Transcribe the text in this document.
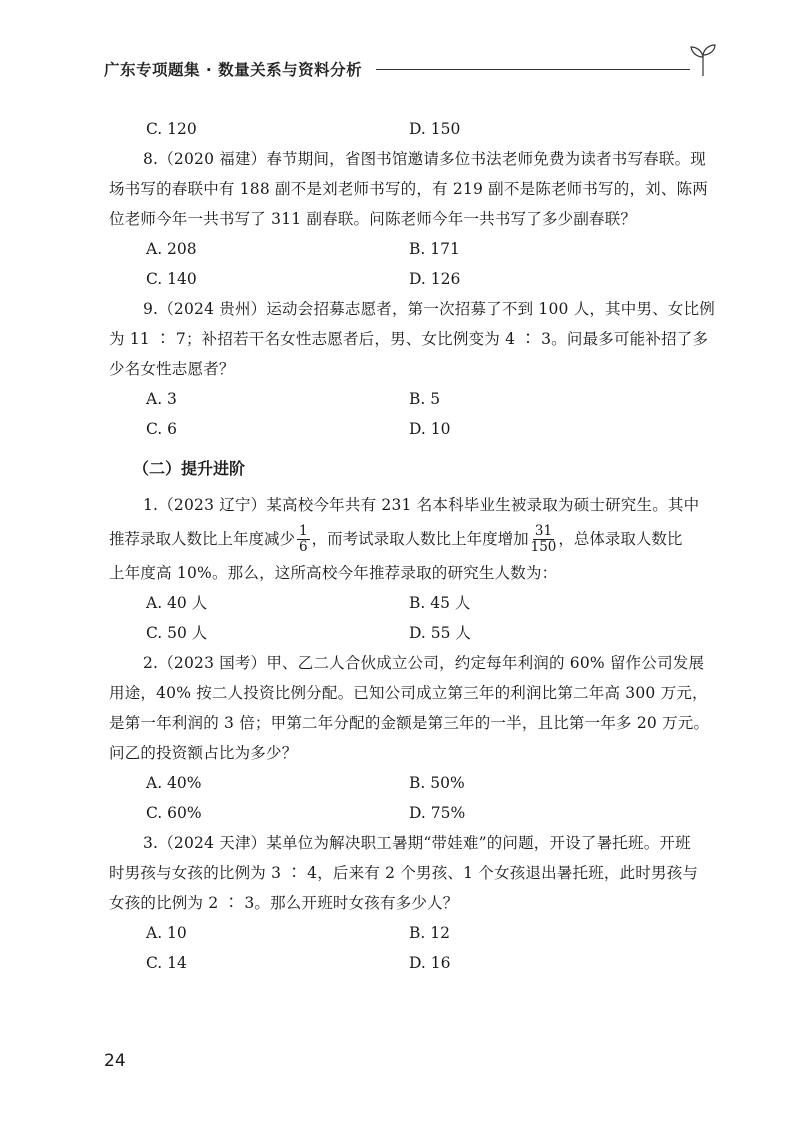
广东专项题集 · 数量关系与资料分析
C. 120	D. 150
8.（2020 福建）春节期间，省图书馆邀请多位书法老师免费为读者书写春联。现
场书写的春联中有 188 副不是刘老师书写的，有 219 副不是陈老师书写的，刘、陈两
位老师今年一共书写了 311 副春联。问陈老师今年一共书写了多少副春联？
A. 208	B. 171
C. 140	D. 126
9.（2024 贵州）运动会招募志愿者，第一次招募了不到 100 人，其中男、女比例
为 11 ∶ 7；补招若干名女性志愿者后，男、女比例变为 4 ∶ 3。问最多可能补招了多
少名女性志愿者？
A. 3	B. 5
C. 6	D. 10
（二）提升进阶
1.（2023 辽宁）某高校今年共有 231 名本科毕业生被录取为硕士研究生。其中
推荐录取人数比上年度减少 $\frac{1}{6}$ ，而考试录取人数比上年度增加 $\frac{31}{150}$ ，总体录取人数比
上年度高 10%。那么，这所高校今年推荐录取的研究生人数为：
A. 40 人	B. 45 人
C. 50 人	D. 55 人
2.（2023 国考）甲、乙二人合伙成立公司，约定每年利润的 60% 留作公司发展
用途，40% 按二人投资比例分配。已知公司成立第三年的利润比第二年高 300 万元，
是第一年利润的 3 倍；甲第二年分配的金额是第三年的一半，且比第一年多 20 万元。
问乙的投资额占比为多少？
A. 40%	B. 50%
C. 60%	D. 75%
3.（2024 天津）某单位为解决职工暑期“带娃难”的问题，开设了暑托班。开班
时男孩与女孩的比例为 3 ∶ 4，后来有 2 个男孩、1 个女孩退出暑托班，此时男孩与
女孩的比例为 2 ∶ 3。那么开班时女孩有多少人？
A. 10	B. 12
C. 14	D. 16
24
